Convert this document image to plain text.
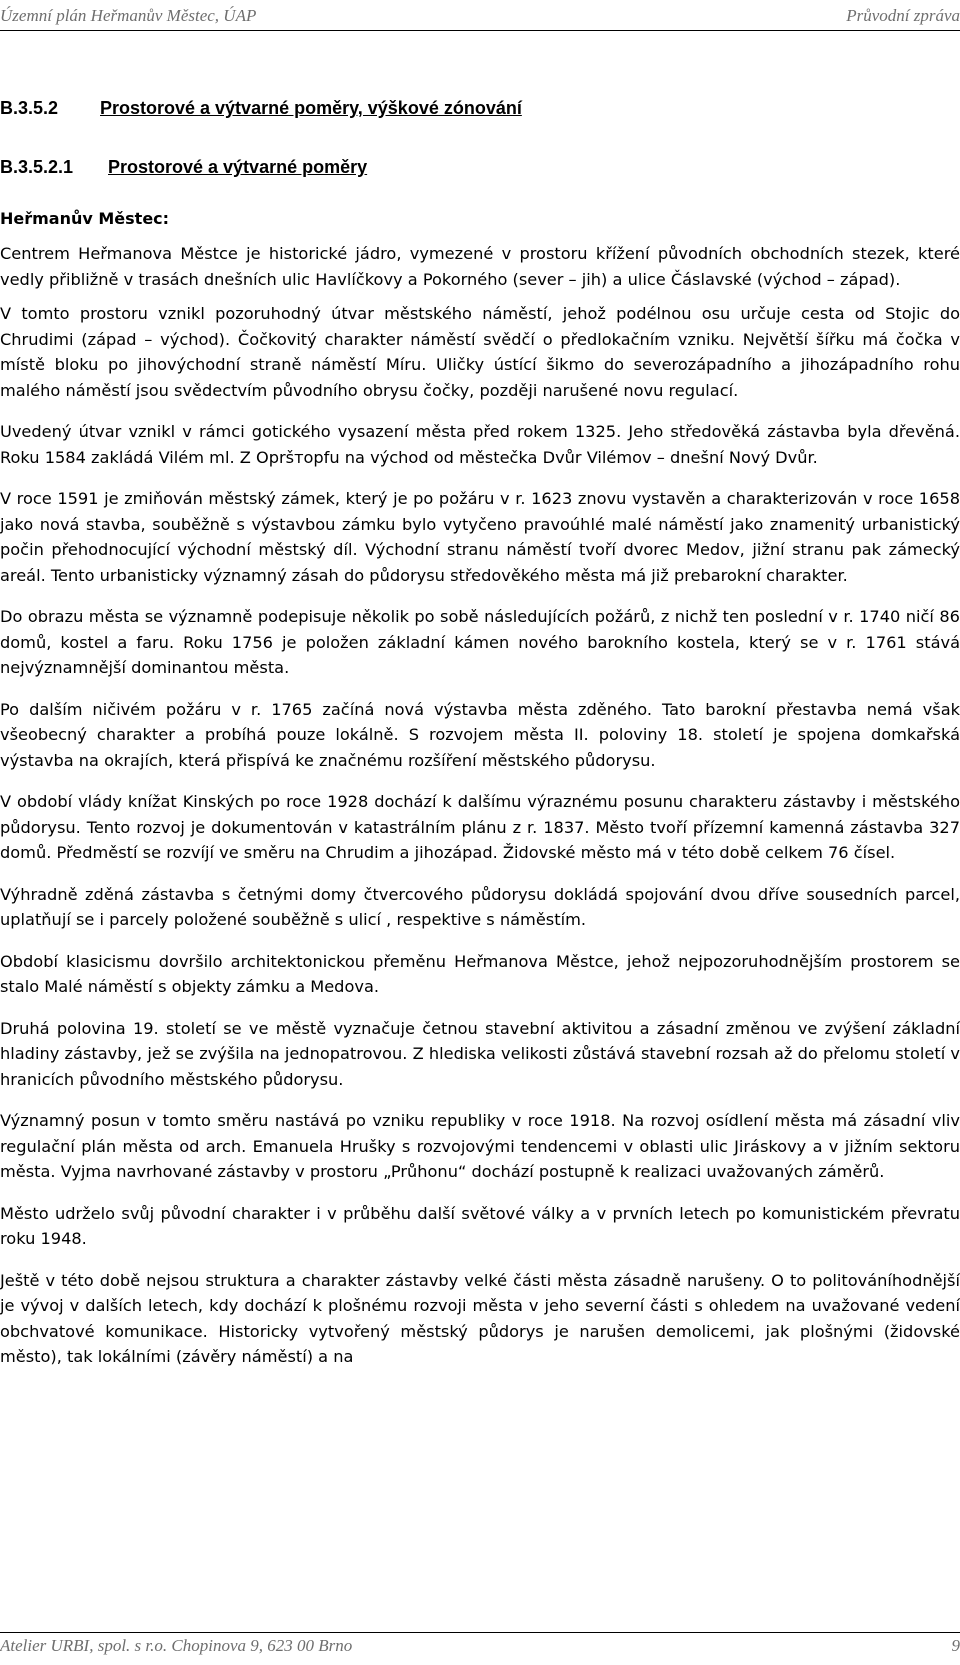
Územní plán Heřmanův Městec, ÚAP	Průvodní zpráva
B.3.5.2	Prostorové a výtvarné poměry, výškové zónování
B.3.5.2.1	Prostorové a výtvarné poměry
Heřmanův Městec:

Centrem Heřmanova Městce je historické jádro, vymezené v prostoru křížení původních obchodních stezek, které vedly přibližně v trasách dnešních ulic Havlíčkovy a Pokorného (sever – jih) a ulice Čáslavské (východ – západ).

V tomto prostoru vznikl pozoruhodný útvar městského náměstí, jehož podélnou osu určuje cesta od Stojic do Chrudimi (západ – východ). Čočkovitý charakter náměstí svědčí o předlokačním vzniku. Největší šířku má čočka v místě bloku po jihovýchodní straně náměstí Míru. Uličky ústící šikmo do severozápadního a jihozápadního rohu malého náměstí jsou svědectvím původního obrysu čočky, později narušené novu regulací.

Uvedený útvar vznikl v rámci gotického vysazení města před rokem 1325. Jeho středověká zástavba byla dřevěná. Roku 1584 zakládá Vilém ml. Z Opršторfu na východ od městečka Dvůr Vilémov – dnešní Nový Dvůr.

V roce 1591 je zmiňován městský zámek, který je po požáru v r. 1623 znovu vystavěn a charakterizován v roce 1658 jako nová stavba, souběžně s výstavbou zámku bylo vytyčeno pravoúhlé malé náměstí jako znamenitý urbanistický počin přehodnocující východní městský díl. Východní stranu náměstí tvoří dvorec Medov, jižní stranu pak zámecký areál. Tento urbanisticky významný zásah do půdorysu středověkého města má již prebarokní charakter.

Do obrazu města se významně podepisuje několik po sobě následujících požárů, z nichž ten poslední v r. 1740 ničí 86 domů, kostel a faru. Roku 1756 je položen základní kámen nového barokního kostela, který se v r. 1761 stává nejvýznamnější dominantou města.

Po dalším ničivém požáru v r. 1765 začíná nová výstavba města zděného. Tato barokní přestavba nemá však všeobecný charakter a probíhá pouze lokálně. S rozvojem města II. poloviny 18. století je spojena domkařská výstavba na okrajích, která přispívá ke značnému rozšíření městského půdorysu.

V období vlády knížat Kinských po roce 1928 dochází k dalšímu výraznému posunu charakteru zástavby i městského půdorysu. Tento rozvoj je dokumentován v katastrálním plánu z r. 1837. Město tvoří přízemní kamenná zástavba 327 domů. Předměstí se rozvíjí ve směru na Chrudim a jihozápad. Židovské město má v této době celkem 76 čísel.

Výhradně zděná zástavba s četnými domy čtvercového půdorysu dokládá spojování dvou dříve sousedních parcel, uplatňují se i parcely položené souběžně s ulicí , respektive s náměstím.

Období klasicismu dovršilo architektonickou přeměnu Heřmanova Městce, jehož nejpozoruhodnějším prostorem se stalo Malé náměstí s objekty zámku a Medova.

Druhá polovina 19. století se ve městě vyznačuje četnou stavební aktivitou a zásadní změnou ve zvýšení základní hladiny zástavby, jež se zvýšila na jednopatrovou. Z hlediska velikosti zůstává stavební rozsah až do přelomu století v hranicích původního městského půdorysu.

Významný posun v tomto směru nastává po vzniku republiky v roce 1918. Na rozvoj osídlení města má zásadní vliv regulační plán města od arch. Emanuela Hrušky s rozvojovými tendencemi v oblasti ulic Jiráskovy a v jižním sektoru města. Vyjma navrhované zástavby v prostoru „Průhonu“ dochází postupně k realizaci uvažovaných záměrů.

Město udrželo svůj původní charakter i v průběhu další světové války a v prvních letech po komunistickém převratu roku 1948.

Ještě v této době nejsou struktura a charakter zástavby velké části města zásadně narušeny. O to politováníhodnější je vývoj v dalších letech, kdy dochází k plošnému rozvoji města v jeho severní části s ohledem na uvažované vedení obchvatové komunikace. Historicky vytvořený městský půdorys je narušen demolicemi, jak plošnými (židovské město), tak lokálními (závěry náměstí) a na

Atelier URBI, spol. s r.o. Chopinova 9, 623 00 Brno	9
